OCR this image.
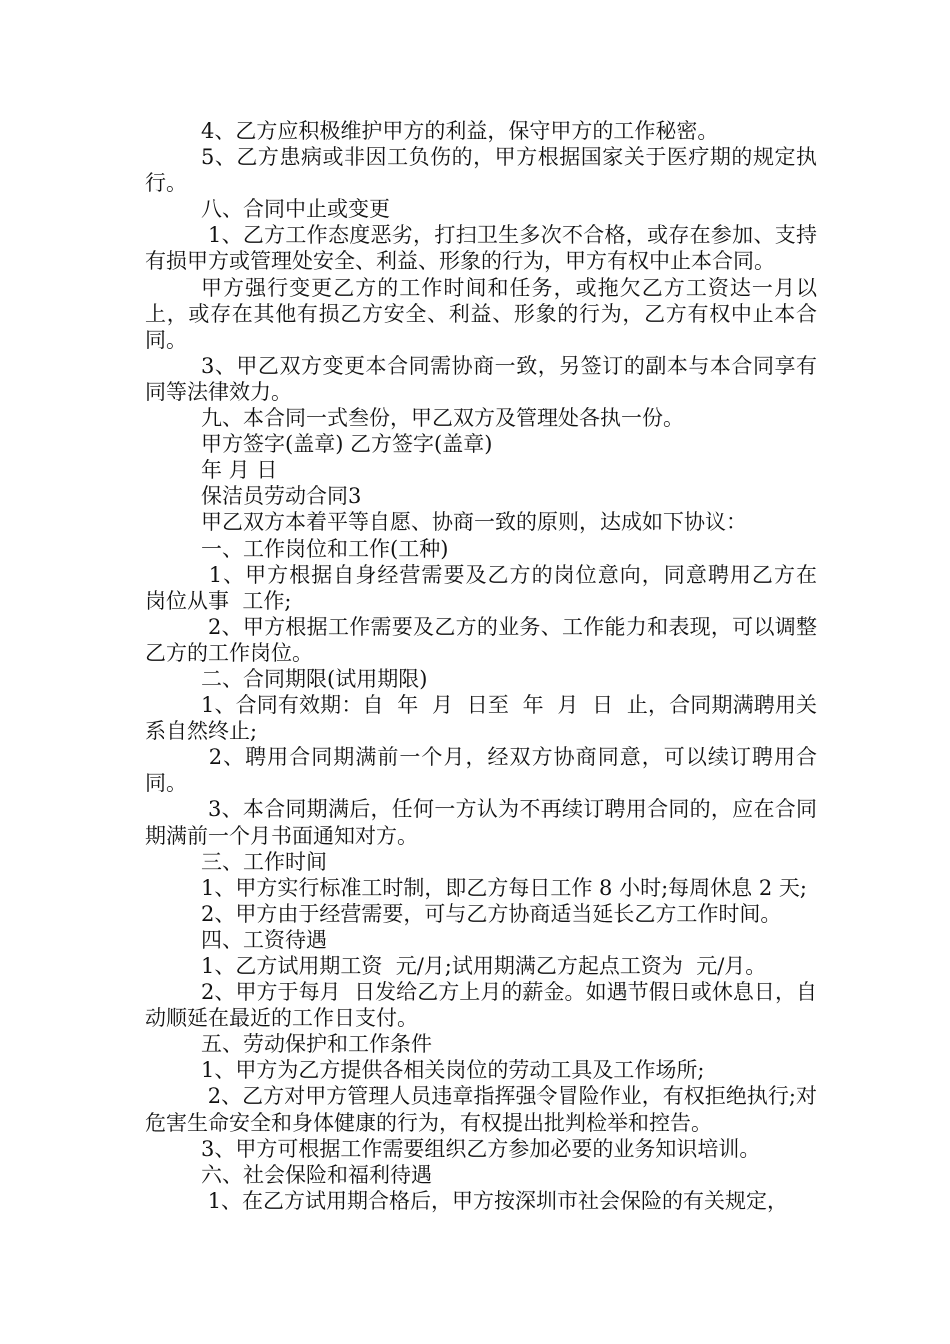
4、乙方应积极维护甲方的利益，保守甲方的工作秘密。

5、乙方患病或非因工负伤的，甲方根据国家关于医疗期的规定执行。

八、合同中止或变更

1、乙方工作态度恶劣，打扫卫生多次不合格，或存在参加、支持有损甲方或管理处安全、利益、形象的行为，甲方有权中止本合同。

甲方强行变更乙方的工作时间和任务，或拖欠乙方工资达一月以上，或存在其他有损乙方安全、利益、形象的行为，乙方有权中止本合同。

3、甲乙双方变更本合同需协商一致，另签订的副本与本合同享有同等法律效力。

九、本合同一式叁份，甲乙双方及管理处各执一份。

甲方签字(盖章) 乙方签字(盖章)

年 月 日

保洁员劳动合同3

甲乙双方本着平等自愿、协商一致的原则，达成如下协议：

一、工作岗位和工作(工种)

1、甲方根据自身经营需要及乙方的岗位意向，同意聘用乙方在  岗位从事  工作;

2、甲方根据工作需要及乙方的业务、工作能力和表现，可以调整乙方的工作岗位。

二、合同期限(试用期限)

1、合同有效期：自  年  月  日至  年  月  日  止，合同期满聘用关系自然终止;

2、聘用合同期满前一个月，经双方协商同意，可以续订聘用合同。

3、本合同期满后，任何一方认为不再续订聘用合同的，应在合同期满前一个月书面通知对方。

三、工作时间

1、甲方实行标准工时制，即乙方每日工作 8 小时;每周休息 2 天;

2、甲方由于经营需要，可与乙方协商适当延长乙方工作时间。

四、工资待遇

1、乙方试用期工资  元/月;试用期满乙方起点工资为  元/月。

2、甲方于每月  日发给乙方上月的薪金。如遇节假日或休息日，自动顺延在最近的工作日支付。

五、劳动保护和工作条件

1、甲方为乙方提供各相关岗位的劳动工具及工作场所;

2、乙方对甲方管理人员违章指挥强令冒险作业，有权拒绝执行;对危害生命安全和身体健康的行为，有权提出批判检举和控告。

3、甲方可根据工作需要组织乙方参加必要的业务知识培训。

六、社会保险和福利待遇

1、在乙方试用期合格后，甲方按深圳市社会保险的有关规定，
